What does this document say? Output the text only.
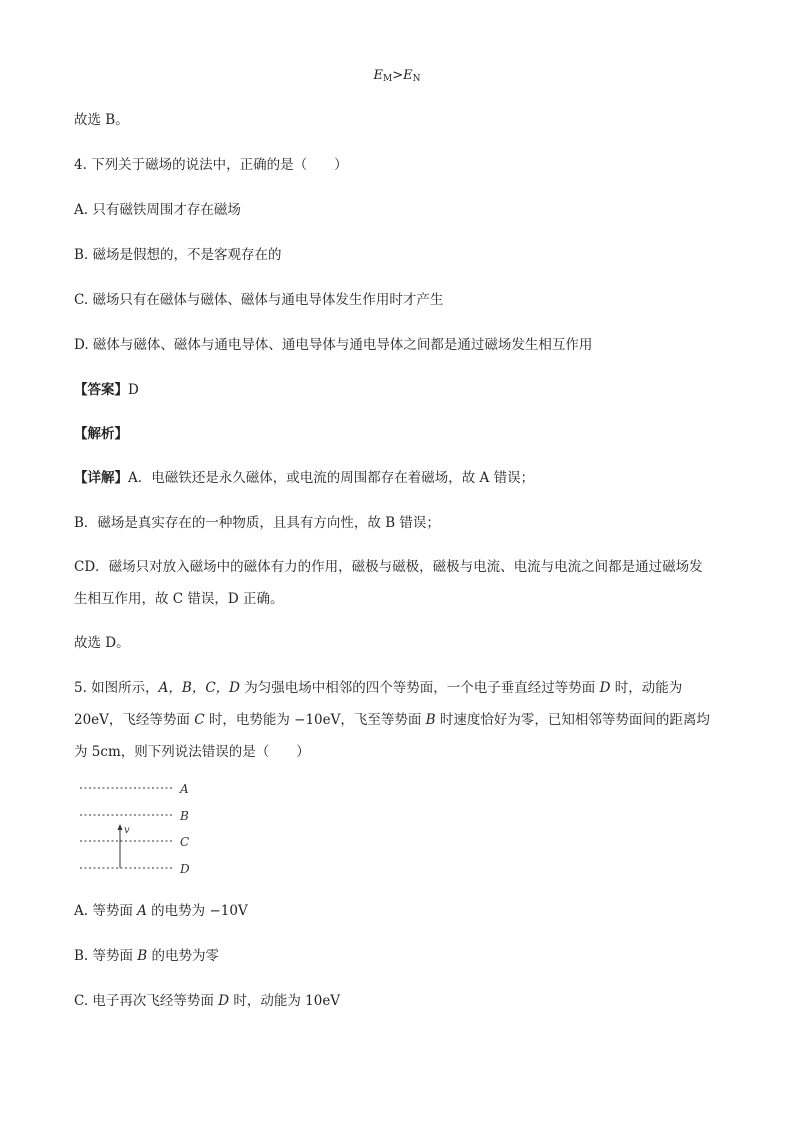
$E_M>E_N$
故选 B。
4. 下列关于磁场的说法中，正确的是（　　）
A. 只有磁铁周围才存在磁场
B. 磁场是假想的，不是客观存在的
C. 磁场只有在磁体与磁体、磁体与通电导体发生作用时才产生
D. 磁体与磁体、磁体与通电导体、通电导体与通电导体之间都是通过磁场发生相互作用
【答案】D
【解析】
【详解】A．电磁铁还是永久磁体，或电流的周围都存在着磁场，故 A 错误；
B．磁场是真实存在的一种物质，且具有方向性，故 B 错误；
CD．磁场只对放入磁场中的磁体有力的作用，磁极与磁极，磁极与电流、电流与电流之间都是通过磁场发
生相互作用，故 C 错误，D 正确。
故选 D。
5. 如图所示，A，B，C，D 为匀强电场中相邻的四个等势面，一个电子垂直经过等势面 D 时，动能为
20eV，飞经等势面 C 时，电势能为 −10eV，飞至等势面 B 时速度恰好为零，已知相邻等势面间的距离均
为 5cm，则下列说法错误的是（　　）
v
A
B
C
D
A. 等势面 A 的电势为 −10V
B. 等势面 B 的电势为零
C. 电子再次飞经等势面 D 时，动能为 10eV
